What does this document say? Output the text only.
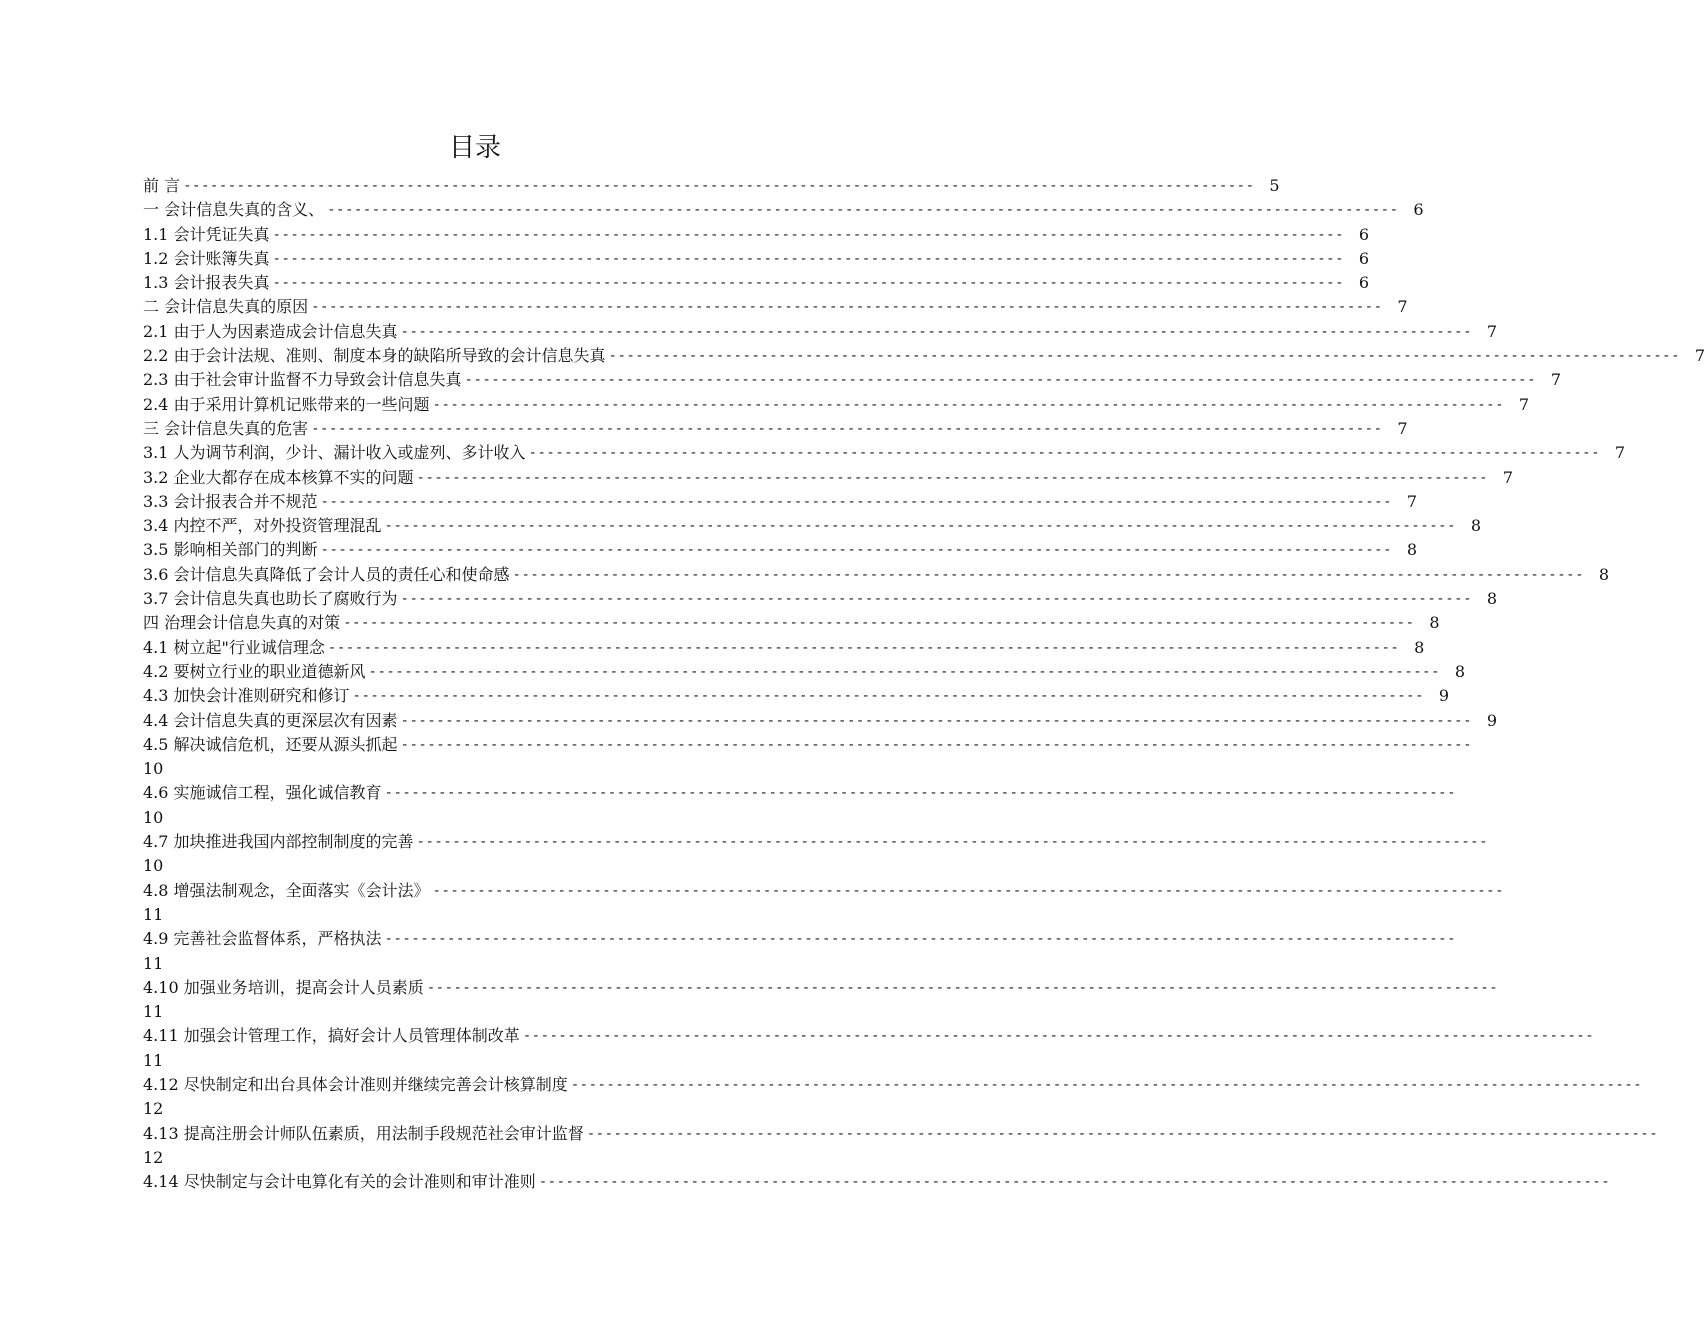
目录
前 言 ------------------------------------------------------------------------------------------------------------------------ 5
一 会计信息失真的含义、 ------------------------------------------------------------------------------------------------------------------------ 6
1.1 会计凭证失真 ------------------------------------------------------------------------------------------------------------------------ 6
1.2 会计账簿失真 ------------------------------------------------------------------------------------------------------------------------ 6
1.3 会计报表失真 ------------------------------------------------------------------------------------------------------------------------ 6
二 会计信息失真的原因 ------------------------------------------------------------------------------------------------------------------------ 7
2.1 由于人为因素造成会计信息失真 ------------------------------------------------------------------------------------------------------------------------ 7
2.2 由于会计法规、准则、制度本身的缺陷所导致的会计信息失真 ------------------------------------------------------------------------------------------------------------------------ 7
2.3 由于社会审计监督不力导致会计信息失真 ------------------------------------------------------------------------------------------------------------------------ 7
2.4 由于采用计算机记账带来的一些问题 ------------------------------------------------------------------------------------------------------------------------ 7
三 会计信息失真的危害 ------------------------------------------------------------------------------------------------------------------------ 7
3.1 人为调节利润，少计、漏计收入或虚列、多计收入 ------------------------------------------------------------------------------------------------------------------------ 7
3.2 企业大都存在成本核算不实的问题 ------------------------------------------------------------------------------------------------------------------------ 7
3.3 会计报表合并不规范 ------------------------------------------------------------------------------------------------------------------------ 7
3.4 内控不严，对外投资管理混乱 ------------------------------------------------------------------------------------------------------------------------ 8
3.5 影响相关部门的判断 ------------------------------------------------------------------------------------------------------------------------ 8
3.6 会计信息失真降低了会计人员的责任心和使命感 ------------------------------------------------------------------------------------------------------------------------ 8
3.7 会计信息失真也助长了腐败行为 ------------------------------------------------------------------------------------------------------------------------ 8
四 治理会计信息失真的对策 ------------------------------------------------------------------------------------------------------------------------ 8
4.1 树立起"行业诚信理念 ------------------------------------------------------------------------------------------------------------------------ 8
4.2 要树立行业的职业道德新风 ------------------------------------------------------------------------------------------------------------------------ 8
4.3 加快会计准则研究和修订 ------------------------------------------------------------------------------------------------------------------------ 9
4.4 会计信息失真的更深层次有因素 ------------------------------------------------------------------------------------------------------------------------ 9
4.5 解决诚信危机，还要从源头抓起 ------------------------------------------------------------------------------------------------------------------------
10
4.6 实施诚信工程，强化诚信教育 ------------------------------------------------------------------------------------------------------------------------
10
4.7 加块推进我国内部控制制度的完善 ------------------------------------------------------------------------------------------------------------------------
10
4.8 增强法制观念，全面落实《会计法》 ------------------------------------------------------------------------------------------------------------------------
11
4.9 完善社会监督体系，严格执法 ------------------------------------------------------------------------------------------------------------------------
11
4.10 加强业务培训，提高会计人员素质 ------------------------------------------------------------------------------------------------------------------------
11
4.11 加强会计管理工作，搞好会计人员管理体制改革 ------------------------------------------------------------------------------------------------------------------------
11
4.12 尽快制定和出台具体会计准则并继续完善会计核算制度 ------------------------------------------------------------------------------------------------------------------------
12
4.13 提高注册会计师队伍素质，用法制手段规范社会审计监督 ------------------------------------------------------------------------------------------------------------------------
12
4.14 尽快制定与会计电算化有关的会计准则和审计准则 ------------------------------------------------------------------------------------------------------------------------
